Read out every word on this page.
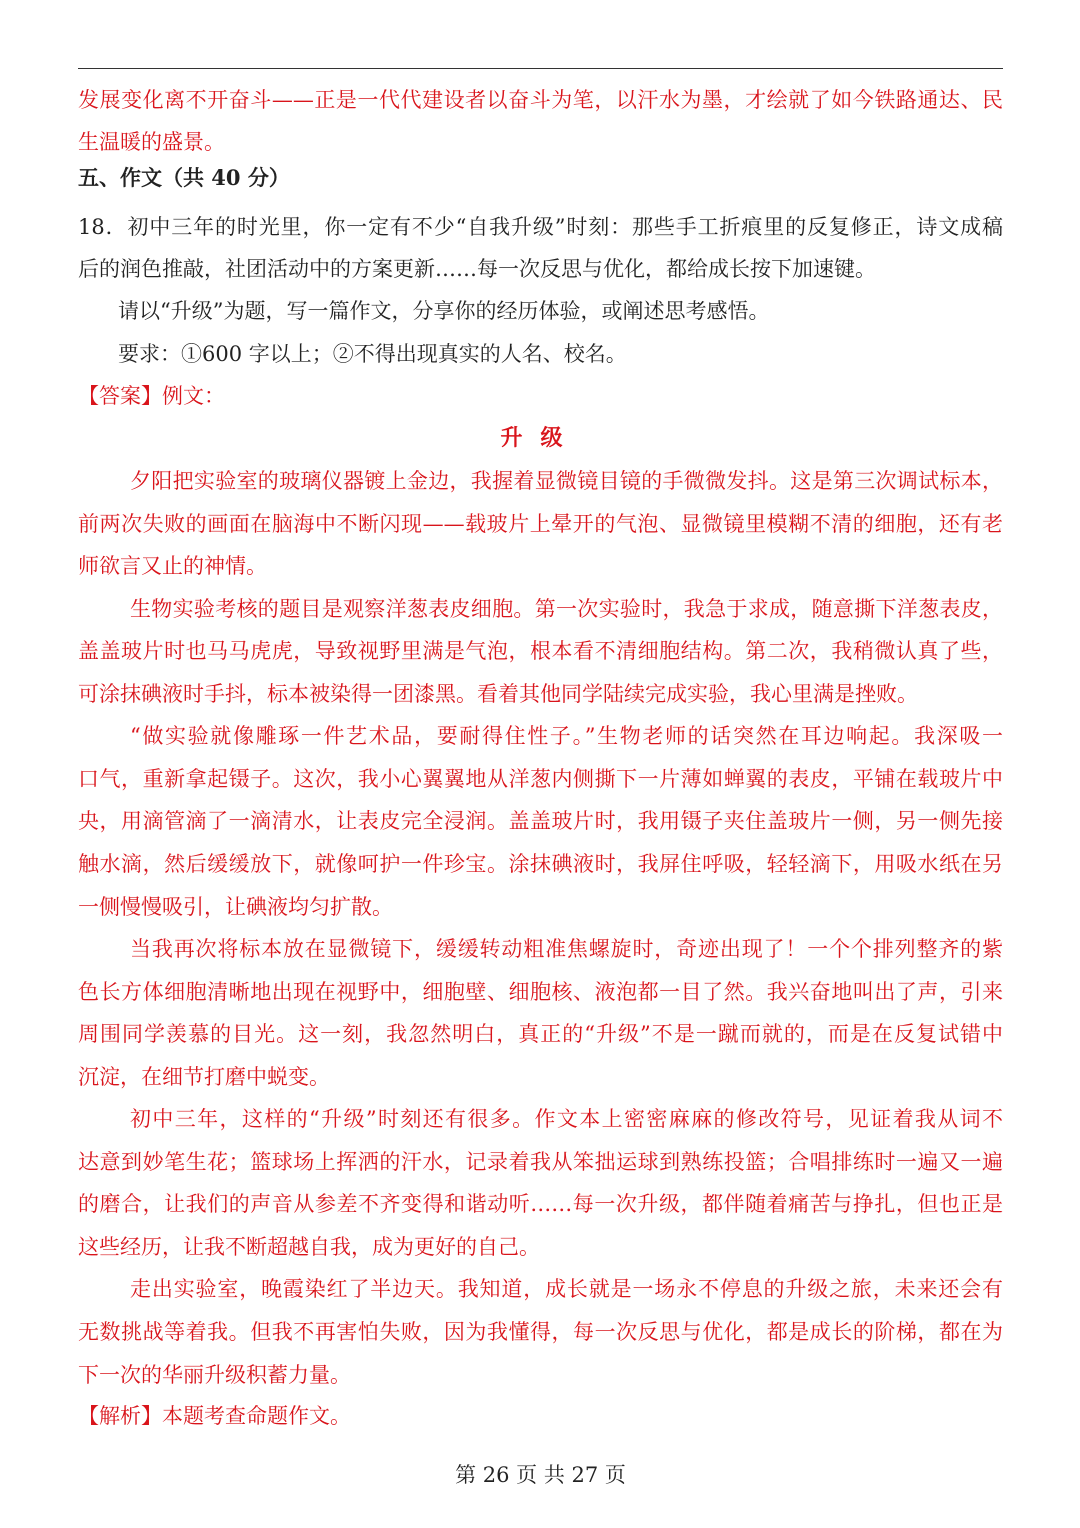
发展变化离不开奋斗——正是一代代建设者以奋斗为笔，以汗水为墨，才绘就了如今铁路通达、民
生温暖的盛景。
五、作文（共 40 分）
18．初中三年的时光里，你一定有不少“自我升级”时刻：那些手工折痕里的反复修正，诗文成稿
后的润色推敲，社团活动中的方案更新……每一次反思与优化，都给成长按下加速键。
请以“升级”为题，写一篇作文，分享你的经历体验，或阐述思考感悟。
要求：①600 字以上；②不得出现真实的人名、校名。
【答案】例文：
升级
夕阳把实验室的玻璃仪器镀上金边，我握着显微镜目镜的手微微发抖。这是第三次调试标本，
前两次失败的画面在脑海中不断闪现——载玻片上晕开的气泡、显微镜里模糊不清的细胞，还有老
师欲言又止的神情。
生物实验考核的题目是观察洋葱表皮细胞。第一次实验时，我急于求成，随意撕下洋葱表皮，
盖盖玻片时也马马虎虎，导致视野里满是气泡，根本看不清细胞结构。第二次，我稍微认真了些，
可涂抹碘液时手抖，标本被染得一团漆黑。看着其他同学陆续完成实验，我心里满是挫败。
“做实验就像雕琢一件艺术品，要耐得住性子。”生物老师的话突然在耳边响起。我深吸一
口气，重新拿起镊子。这次，我小心翼翼地从洋葱内侧撕下一片薄如蝉翼的表皮，平铺在载玻片中
央，用滴管滴了一滴清水，让表皮完全浸润。盖盖玻片时，我用镊子夹住盖玻片一侧，另一侧先接
触水滴，然后缓缓放下，就像呵护一件珍宝。涂抹碘液时，我屏住呼吸，轻轻滴下，用吸水纸在另
一侧慢慢吸引，让碘液均匀扩散。
当我再次将标本放在显微镜下，缓缓转动粗准焦螺旋时，奇迹出现了！一个个排列整齐的紫
色长方体细胞清晰地出现在视野中，细胞壁、细胞核、液泡都一目了然。我兴奋地叫出了声，引来
周围同学羡慕的目光。这一刻，我忽然明白，真正的“升级”不是一蹴而就的，而是在反复试错中
沉淀，在细节打磨中蜕变。
初中三年，这样的“升级”时刻还有很多。作文本上密密麻麻的修改符号，见证着我从词不
达意到妙笔生花；篮球场上挥洒的汗水，记录着我从笨拙运球到熟练投篮；合唱排练时一遍又一遍
的磨合，让我们的声音从参差不齐变得和谐动听……每一次升级，都伴随着痛苦与挣扎，但也正是
这些经历，让我不断超越自我，成为更好的自己。
走出实验室，晚霞染红了半边天。我知道，成长就是一场永不停息的升级之旅，未来还会有
无数挑战等着我。但我不再害怕失败，因为我懂得，每一次反思与优化，都是成长的阶梯，都在为
下一次的华丽升级积蓄力量。
【解析】本题考查命题作文。
第 26 页 共 27 页
